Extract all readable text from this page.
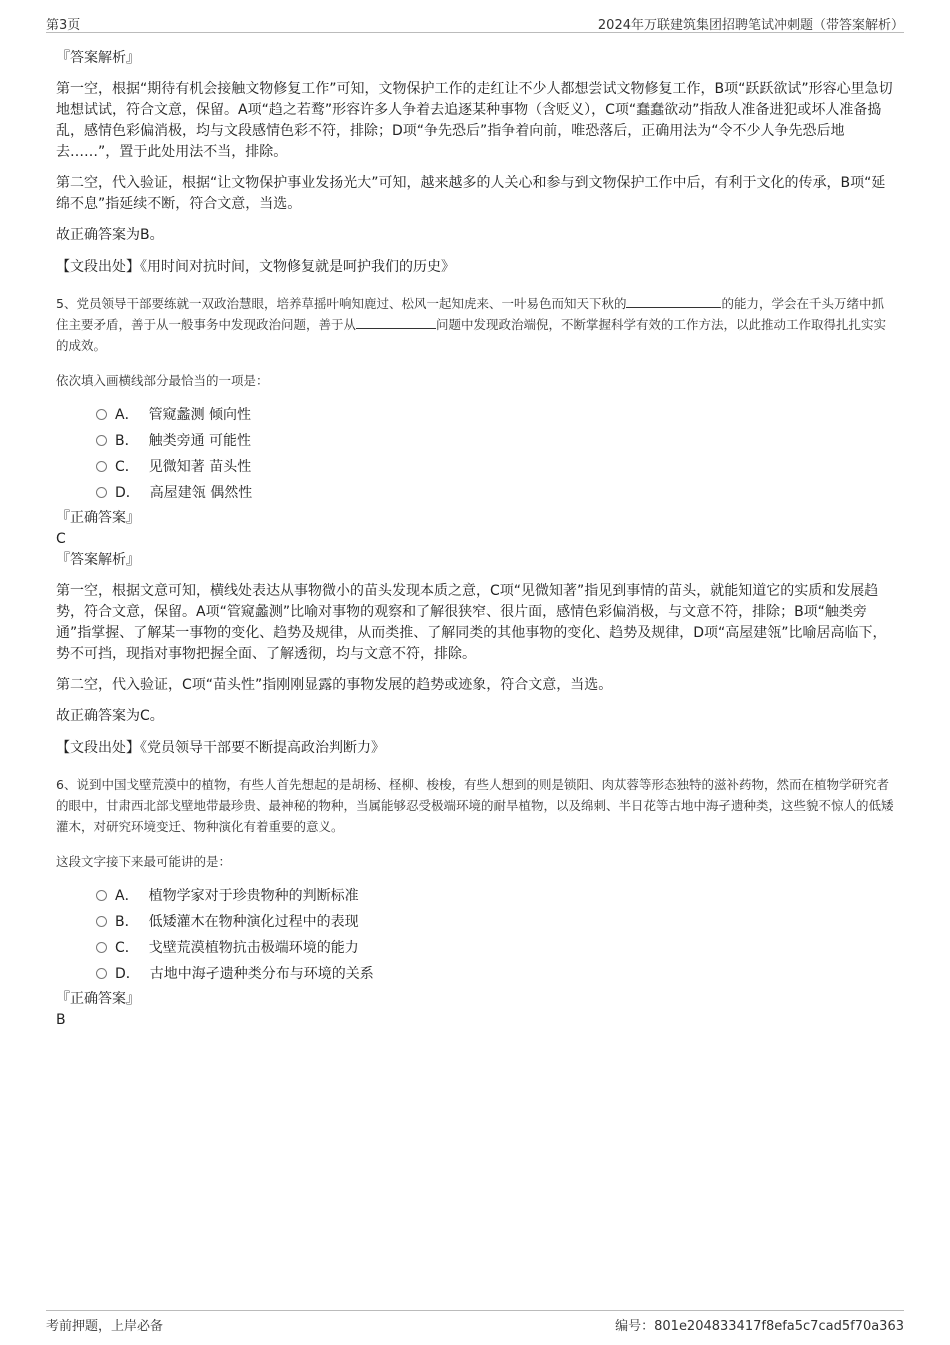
第3页	2024年万联建筑集团招聘笔试冲刺题（带答案解析）

『答案解析』

第一空，根据“期待有机会接触文物修复工作”可知，文物保护工作的走红让不少人都想尝试文物修复工作，B项“跃跃欲试”形容心里急切地想试试，符合文意，保留。A项“趋之若鹜”形容许多人争着去追逐某种事物（含贬义），C项“蠢蠢欲动”指敌人准备进犯或坏人准备捣乱，感情色彩偏消极，均与文段感情色彩不符，排除；D项“争先恐后”指争着向前，唯恐落后，正确用法为“令不少人争先恐后地去……”，置于此处用法不当，排除。

第二空，代入验证，根据“让文物保护事业发扬光大”可知，越来越多的人关心和参与到文物保护工作中后，有利于文化的传承，B项“延绵不息”指延续不断，符合文意，当选。

故正确答案为B。

【文段出处】《用时间对抗时间，文物修复就是呵护我们的历史》

5、党员领导干部要练就一双政治慧眼，培养草摇叶响知鹿过、松风一起知虎来、一叶易色而知天下秋的	的能力，学会在千头万绪中抓住主要矛盾，善于从一般事务中发现政治问题，善于从	问题中发现政治端倪，不断掌握科学有效的工作方法，以此推动工作取得扎扎实实的成效。

依次填入画横线部分最恰当的一项是：

A． 管窥蠡测 倾向性
B． 触类旁通 可能性
C． 见微知著 苗头性
D． 高屋建瓴 偶然性

『正确答案』

C

『答案解析』

第一空，根据文意可知，横线处表达从事物微小的苗头发现本质之意，C项“见微知著”指见到事情的苗头，就能知道它的实质和发展趋势，符合文意，保留。A项“管窥蠡测”比喻对事物的观察和了解很狭窄、很片面，感情色彩偏消极，与文意不符，排除；B项“触类旁通”指掌握、了解某一事物的变化、趋势及规律，从而类推、了解同类的其他事物的变化、趋势及规律，D项“高屋建瓴”比喻居高临下，势不可挡，现指对事物把握全面、了解透彻，均与文意不符，排除。

第二空，代入验证，C项“苗头性”指刚刚显露的事物发展的趋势或迹象，符合文意，当选。

故正确答案为C。

【文段出处】《党员领导干部要不断提高政治判断力》

6、说到中国戈壁荒漠中的植物，有些人首先想起的是胡杨、柽柳、梭梭，有些人想到的则是锁阳、肉苁蓉等形态独特的滋补药物，然而在植物学研究者的眼中，甘肃西北部戈壁地带最珍贵、最神秘的物种，当属能够忍受极端环境的耐旱植物，以及绵刺、半日花等古地中海孑遗种类，这些貌不惊人的低矮灌木，对研究环境变迁、物种演化有着重要的意义。

这段文字接下来最可能讲的是：

A． 植物学家对于珍贵物种的判断标准
B． 低矮灌木在物种演化过程中的表现
C． 戈壁荒漠植物抗击极端环境的能力
D． 古地中海孑遗种类分布与环境的关系

『正确答案』

B

考前押题，上岸必备	编号：801e204833417f8efa5c7cad5f70a363
